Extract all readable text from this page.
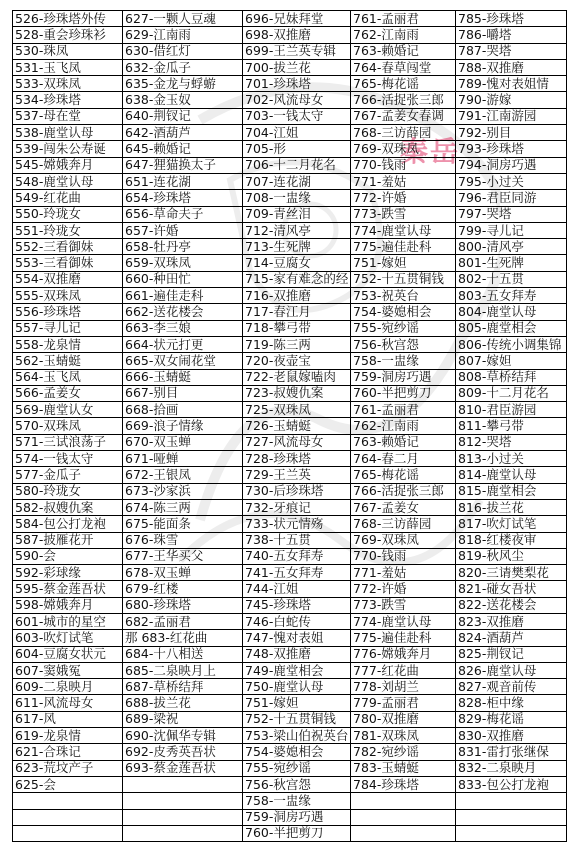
秦岳
526-珍珠塔外传	627-一颗人豆魂	696-兄妹拜堂	761-孟丽君	785-珍珠塔
528-重会珍珠衫	629-江南雨	698-双推磨	762-江南雨	786-嚼塔
530-珠凤	630-借红灯	699-王兰英专辑	763-赖婚记	787-哭塔
531-玉飞凤	632-金瓜子	700-拔兰花	764-春草闯堂	788-双推磨
533-双珠凤	635-金龙与蜉蝣	701-珍珠塔	765-梅花谣	789-愧对表姐情
534-珍珠塔	638-金玉奴	702-风流母女	766-活捉张三郎	790-游嫁
537-母在堂	640-荆钗记	703-一钱太守	767-孟姜女春调	791-江南游园
538-鹿堂认母	642-酒葫芦	704-江姐	768-三访薛园	792-别目
539-闯朱公寿诞	645-赖婚记	705-形	769-双珠凤	793-珍珠塔
545-嫦娥奔月	647-狸猫换太子	706-十二月花名	770-钱雨	794-洞房巧遇
548-鹿堂认母	651-连花湖	707-连花湖	771-羞姑	795-小过关
549-红花曲	654-珍珠塔	708-一盅缘	772-许婚	796-君臣同游
550-玲珑女	656-草命夫子	709-青丝泪	773-跌雪	797-哭塔
551-玲珑女	657-许婚	712-清风亭	774-鹿堂认母	799-寻儿记
552-三看御妹	658-牡丹亭	713-生死牌	775-遍佳赴科	800-清风亭
553-三看御妹	659-双珠凤	714-豆腐女	751-嫁妲	801-生死牌
554-双推磨	660-种田忙	715-家有难念的经	752-十五贯铜钱	802-十五贯
555-双珠凤	661-遍佳走科	716-双推磨	753-祝英台	803-五女拜寿
556-珍珠塔	662-送花楼会	717-春江月	754-婆媳相会	804-鹿堂认母
557-寻儿记	663-李三娘	718-攀弓带	755-宛纱谣	805-鹿堂相会
558-龙泉情	664-状元打更	719-陈三两	756-秋宫怨	806-传统小调集锦
562-玉蜻蜓	665-双女闹花堂	720-夜壶宝	758-一盅缘	807-嫁妲
564-玉飞凤	666-玉蜻蜓	722-老鼠嫁嗑肉	759-洞房巧遇	808-草桥结拜
566-孟姜女	667-别目	723-叔嫂仇案	760-半把剪刀	809-十二月花名
569-鹿堂认女	668-拾画	725-双珠凤	761-孟丽君	810-君臣游园
570-双珠凤	669-浪子情缘	726-玉蜻蜓	762-江南雨	811-攀弓带
571-三试浪荡子	670-双玉蝉	727-风流母女	763-赖婚记	812-哭塔
574-一钱太守	671-哑蝉	728-珍珠塔	764-春二月	813-小过关
577-金瓜子	672-王银凤	729-王兰英	765-梅花谣	814-鹿堂认母
580-玲珑女	673-沙家浜	730-后珍珠塔	766-活捉张三郎	815-鹿堂相会
582-叔嫂仇案	674-陈三两	732-牙痕记	767-孟姜女	816-拔兰花
584-包公打龙袍	675-能面条	733-状元情殇	768-三访薛园	817-吹灯试笔
587-披雁花开	676-珠雪	738-十五贯	769-双珠凤	818-红楼夜审
590-会	677-王华买父	740-五女拜寿	770-钱雨	819-秋风尘
592-彩球缘	678-双玉蝉	741-五女拜寿	771-羞姑	820-三请樊梨花
595-蔡金莲吾状	679-红楼	744-江姐	772-许婚	821-碰女吾状
598-嫦娥奔月	680-珍珠塔	745-珍珠塔	773-跌雪	822-送花楼会
601-城市的星空	682-孟丽君	746-白蛇传	774-鹿堂认母	823-双推磨
603-吹灯试笔	那 683-红花曲	747-愧对表姐	775-遍佳赴科	824-酒葫芦
604-豆腐女状元	684-十八相送	748-双推磨	776-嫦娥奔月	825-荆钗记
607-窦娥冤	685-二泉映月上	749-鹿堂相会	777-红花曲	826-鹿堂认母
609-二泉映月	687-草桥结拜	750-鹿堂认母	778-刘胡兰	827-观音前传
611-风流母女	688-拔兰花	751-嫁妲	779-孟丽君	828-柜中缘
617-风	689-梁祝	752-十五贯铜钱	780-双推磨	829-梅花谣
619-龙泉情	690-沈佩华专辑	753-梁山伯祝英台	781-双珠凤	830-双推磨
621-合珠记	692-皮秀英吾状	754-婆媳相会	782-宛纱谣	831-雷打张继保
623-荒坟产子	693-蔡金莲吾状	755-宛纱谣	783-玉蜻蜓	832-二泉映月
625-会		756-秋宫怨	784-珍珠塔	833-包公打龙袍
		758-一盅缘		
		759-洞房巧遇		
		760-半把剪刀		
